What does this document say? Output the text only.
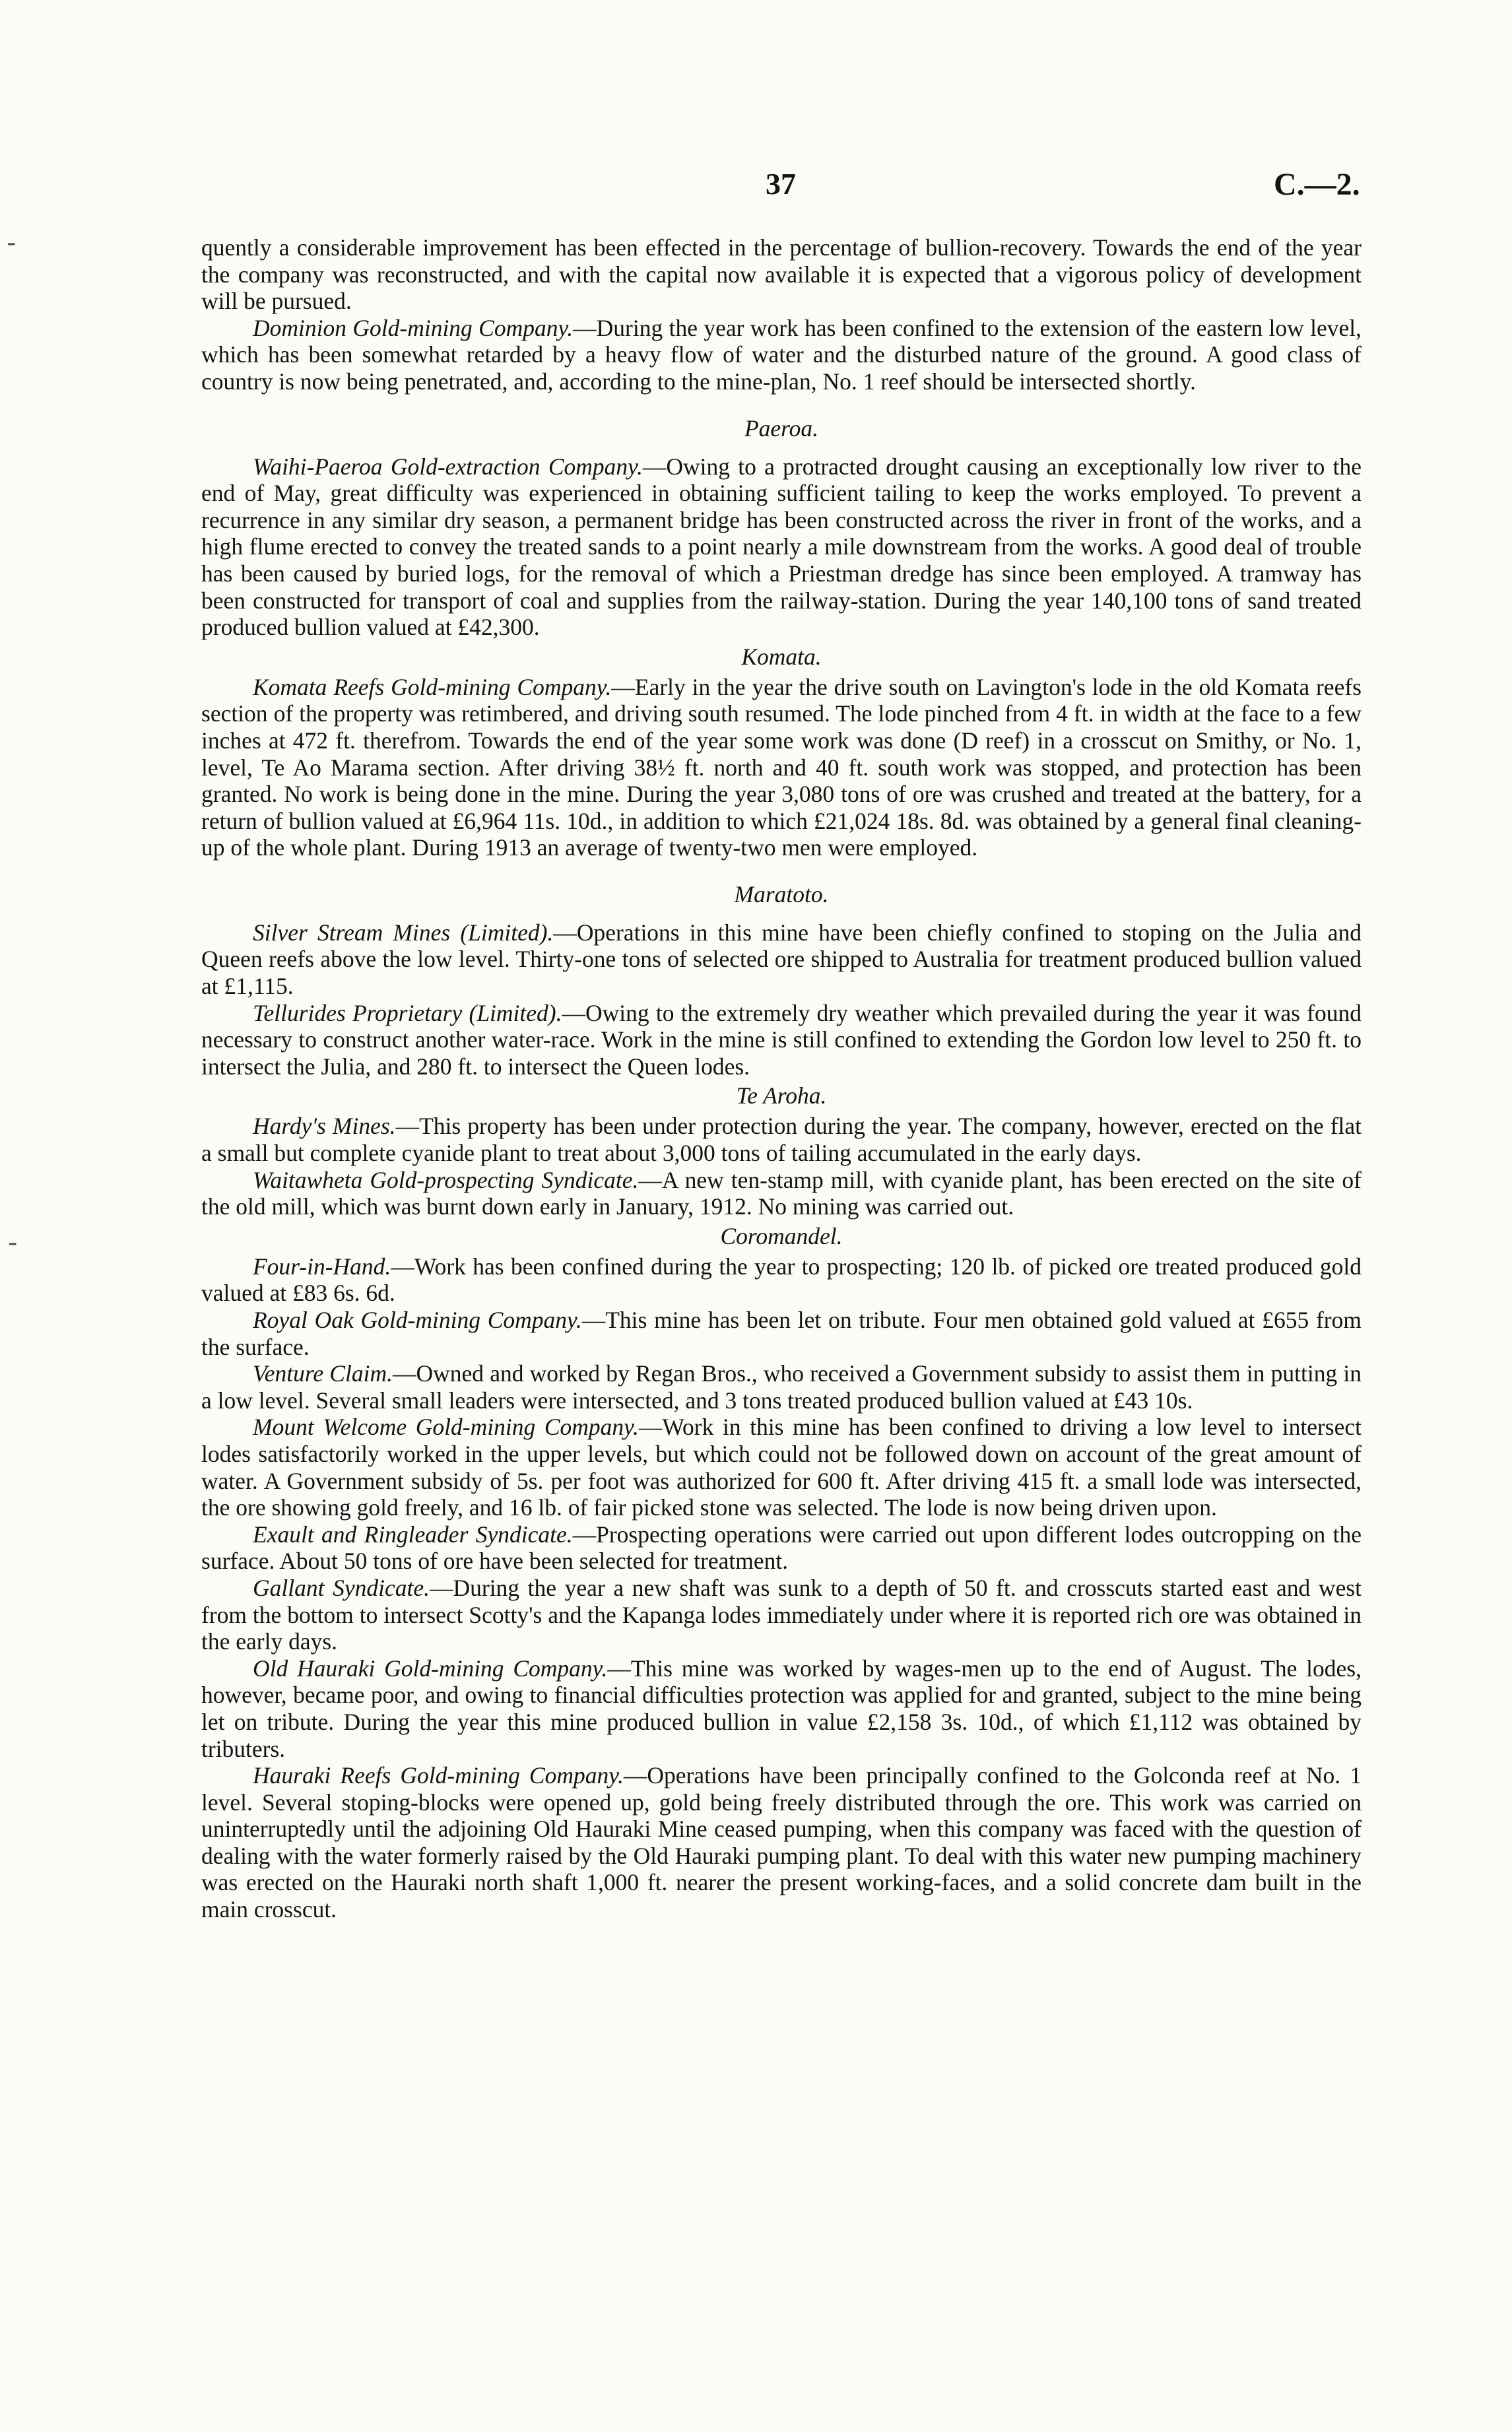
37	C.—2.
‐
‐

quently a considerable improvement has been effected in the percentage of bullion-recovery. Towards the end of the year the company was reconstructed, and with the capital now available it is expected that a vigorous policy of development will be pursued.

Dominion Gold-mining Company.—During the year work has been confined to the extension of the eastern low level, which has been somewhat retarded by a heavy flow of water and the disturbed nature of the ground. A good class of country is now being penetrated, and, according to the mine-plan, No. 1 reef should be intersected shortly.

Paeroa.

Waihi-Paeroa Gold-extraction Company.—Owing to a protracted drought causing an exceptionally low river to the end of May, great difficulty was experienced in obtaining sufficient tailing to keep the works employed. To prevent a recurrence in any similar dry season, a permanent bridge has been constructed across the river in front of the works, and a high flume erected to convey the treated sands to a point nearly a mile downstream from the works. A good deal of trouble has been caused by buried logs, for the removal of which a Priestman dredge has since been employed. A tramway has been constructed for transport of coal and supplies from the railway-station. During the year 140,100 tons of sand treated produced bullion valued at £42,300.

Komata.

Komata Reefs Gold-mining Company.—Early in the year the drive south on Lavington's lode in the old Komata reefs section of the property was retimbered, and driving south resumed. The lode pinched from 4 ft. in width at the face to a few inches at 472 ft. therefrom. Towards the end of the year some work was done (D reef) in a crosscut on Smithy, or No. 1, level, Te Ao Marama section. After driving 38½ ft. north and 40 ft. south work was stopped, and protection has been granted. No work is being done in the mine. During the year 3,080 tons of ore was crushed and treated at the battery, for a return of bullion valued at £6,964 11s. 10d., in addition to which £21,024 18s. 8d. was obtained by a general final cleaning-up of the whole plant. During 1913 an average of twenty-two men were employed.

Maratoto.

Silver Stream Mines (Limited).—Operations in this mine have been chiefly confined to stoping on the Julia and Queen reefs above the low level. Thirty-one tons of selected ore shipped to Australia for treatment produced bullion valued at £1,115.

Tellurides Proprietary (Limited).—Owing to the extremely dry weather which prevailed during the year it was found necessary to construct another water-race. Work in the mine is still confined to extending the Gordon low level to 250 ft. to intersect the Julia, and 280 ft. to intersect the Queen lodes.

Te Aroha.

Hardy's Mines.—This property has been under protection during the year. The company, however, erected on the flat a small but complete cyanide plant to treat about 3,000 tons of tailing accumulated in the early days.

Waitawheta Gold-prospecting Syndicate.—A new ten-stamp mill, with cyanide plant, has been erected on the site of the old mill, which was burnt down early in January, 1912. No mining was carried out.

Coromandel.

Four-in-Hand.—Work has been confined during the year to prospecting; 120 lb. of picked ore treated produced gold valued at £83 6s. 6d.

Royal Oak Gold-mining Company.—This mine has been let on tribute. Four men obtained gold valued at £655 from the surface.

Venture Claim.—Owned and worked by Regan Bros., who received a Government subsidy to assist them in putting in a low level. Several small leaders were intersected, and 3 tons treated produced bullion valued at £43 10s.

Mount Welcome Gold-mining Company.—Work in this mine has been confined to driving a low level to intersect lodes satisfactorily worked in the upper levels, but which could not be followed down on account of the great amount of water. A Government subsidy of 5s. per foot was authorized for 600 ft. After driving 415 ft. a small lode was intersected, the ore showing gold freely, and 16 lb. of fair picked stone was selected. The lode is now being driven upon.

Exault and Ringleader Syndicate.—Prospecting operations were carried out upon different lodes outcropping on the surface. About 50 tons of ore have been selected for treatment.

Gallant Syndicate.—During the year a new shaft was sunk to a depth of 50 ft. and crosscuts started east and west from the bottom to intersect Scotty's and the Kapanga lodes immediately under where it is reported rich ore was obtained in the early days.

Old Hauraki Gold-mining Company.—This mine was worked by wages-men up to the end of August. The lodes, however, became poor, and owing to financial difficulties protection was applied for and granted, subject to the mine being let on tribute. During the year this mine produced bullion in value £2,158 3s. 10d., of which £1,112 was obtained by tributers.

Hauraki Reefs Gold-mining Company.—Operations have been principally confined to the Golconda reef at No. 1 level. Several stoping-blocks were opened up, gold being freely distributed through the ore. This work was carried on uninterruptedly until the adjoining Old Hauraki Mine ceased pumping, when this company was faced with the question of dealing with the water formerly raised by the Old Hauraki pumping plant. To deal with this water new pumping machinery was erected on the Hauraki north shaft 1,000 ft. nearer the present working-faces, and a solid concrete dam built in the main crosscut.
